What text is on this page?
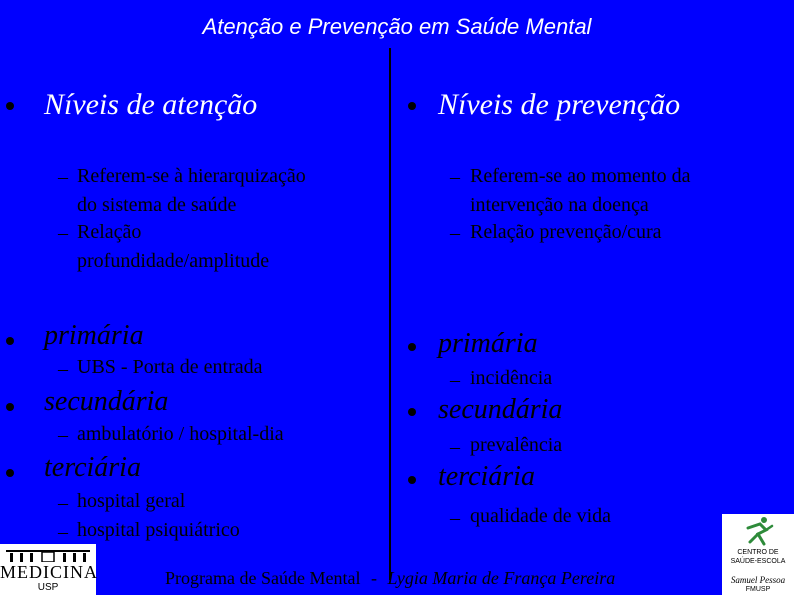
Atenção e Prevenção em Saúde Mental
Níveis de atenção
– Referem-se à hierarquização
do sistema de saúde
– Relação
profundidade/amplitude
primária
– UBS - Porta de entrada
secundária
– ambulatório / hospital-dia
terciária
– hospital geral
– hospital psiquiátrico
Níveis de prevenção
– Referem-se ao momento da
intervenção na doença
– Relação prevenção/cura
primária
– incidência
secundária
– prevalência
terciária
– qualidade de vida
Programa de Saúde Mental - Lygia Maria de França Pereira
MEDICINA
USP
CENTRO DE
SAÚDE-ESCOLA
Samuel Pessoa
FMUSP
